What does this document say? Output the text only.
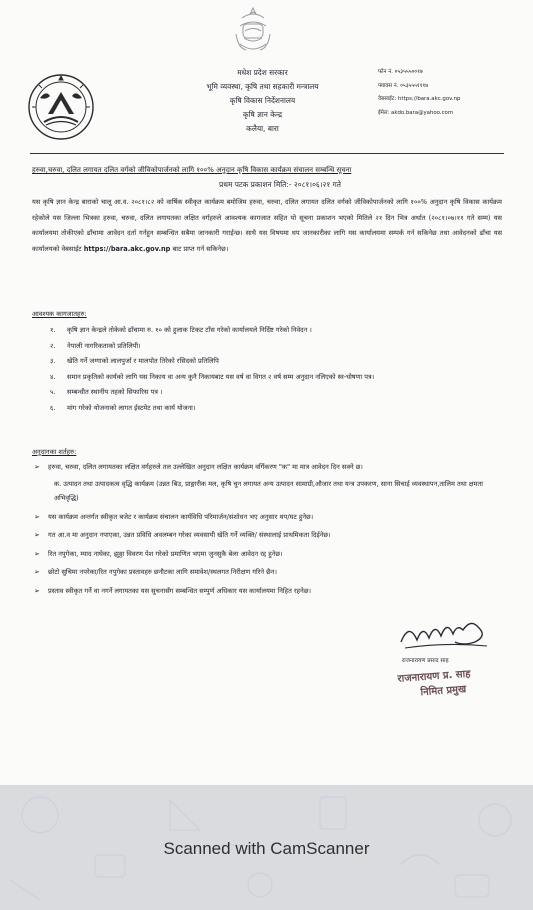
मधेश प्रदेश सरकार
भूमि व्यवस्था, कृषि तथा सहकारी मन्त्रालय
कृषि विकास निर्देशनालय
कृषि ज्ञान केन्द्र
कलैया, बारा
फोन नं. ०५३५५५००१७
फ्याक्स नं. ०५३५५५१११७
वेबसाईट: https://bara.akc.gov.np
ईमेल: akdo.bara@yahoo.com
हरुवा,चरुवा, दलित लगायत दलित वर्गको जीविकोपार्जनको लागि १००% अनुदान कृषि विकास कार्यक्रम संचालन सम्बन्धि सूचना
प्रथम पटक प्रकाशन मिति:- २०८१।०६।२१ गते
यस कृषि ज्ञान केन्द्र बाराको चालू आ.व. २०८१।८२ को वार्षिक स्वीकृत कार्यक्रम बमोजिम हरुवा, चरुवा, दलित लगायत दलित वर्गको जीविकोपार्जनको लागि १००% अनुदान कृषि विकास कार्यक्रम रहेकोले यस जिल्ला भित्रका हरुवा, चरुवा, दलित लगायतका लक्षित वर्गहरुले आवश्यक कागजात सहित यो सूचना प्रकाशन भएको मितिले २१ दिन भित्र अर्थात (२०८१।०७।११ गते सम्म) यस कार्यालयमा तोकीएको ढाँचामा आवेदन दर्ता गर्नहुन सम्बन्धित सबैमा जानकारी गराईन्छ। साथै यस विषयमा थप जानकारीका लागि यस कार्यालयमा सम्पर्क गर्न सकिनेछ तथा आवेदनको ढाँचा यस कार्यालयको वेबसाईट https://bara.akc.gov.np बाट प्राप्त गर्न सकिनेछ।
आवश्यक कागजातहरु:
१.	कृषि ज्ञान केन्द्रले तोकेको ढाँचामा रु. १० को हुलाक टिकट टाँस गरेको कार्यालयले निर्दिष्ट गरेको निवेदन ।
२.	नेपाली नागरिकताको प्रतिलिपी।
३.	खेति गर्ने जग्गाको लालपुर्जा र मालपोत तिरेको रसिदको प्रतिलिपि
४.	समान प्रकृतिको कार्यको लागि यस निकाय वा अन्य कुनै निकायबाट यस वर्ष वा विगत २ वर्ष सम्म अनुदान नलिएको स्व-घोषणा पत्र।
५.	सम्बन्धीत स्थानीय तहको सिफारिस पत्र ।
६.	मांग गरेको योजनाको लागत ईस्टमेट तथा कार्य योजना।
अनुदानका शर्तहरु:
➢	हरुवा, चरुवा, दलित लगायतका लक्षित वर्गहरुले तल उल्लेखित अनुदान लक्षित कार्यक्रम वर्गिकरण "क" मा मात्र आवेदन दिन सक्ने छ।
क. उत्पादन तथा उत्पादकत्व वृद्धि कार्यक्रम (उन्नत बिउ, प्राङ्गारीक मल, कृषि चुन लगायत अन्य उत्पादन सामाग्री,औजार तथा यन्त्र उपकरण, साना सिचाई व्यवस्थापन,तालिम तथा क्षमता अभिवृद्धि)
➢	यस कार्यक्रम अन्तर्गत स्वीकृत बजेट र कार्यक्रम संचालन कार्यविधि परिमार्जन/संशोधन भए अनुसार थप/घट हुनेछ।
➢	गत आ.व मा अनुदान नपाएका, उन्नत प्रविधि अवलम्बन गरेका व्यवसायी खेति गर्ने व्यक्ति/ संस्थालाई प्राथमिकता दिईनेछ।
➢	रित नपुगेका, म्याद नाघेका, झुठ्ठा विवरण पेश गरेको प्रमाणित भएमा जुनसुकै बेला आवेदन रद्द हुनेछ।
➢	छोटो सुचिमा नपरेका/रित नपुगेका प्रस्तावहरु छनौटका लागि समावेश/स्थलगत निरीक्षण गरिने छैन।
➢	प्रस्ताव स्वीकृत गर्ने वा नगर्ने लगायतका यस सुचनासँग सम्बन्धित सम्पुर्ण अधिकार यस कार्यालयमा निहित रहनेछ।
राजनारायण प्रसाद साह
राजनारायण प्र. साह
निमित प्रमुख
Scanned with CamScanner
